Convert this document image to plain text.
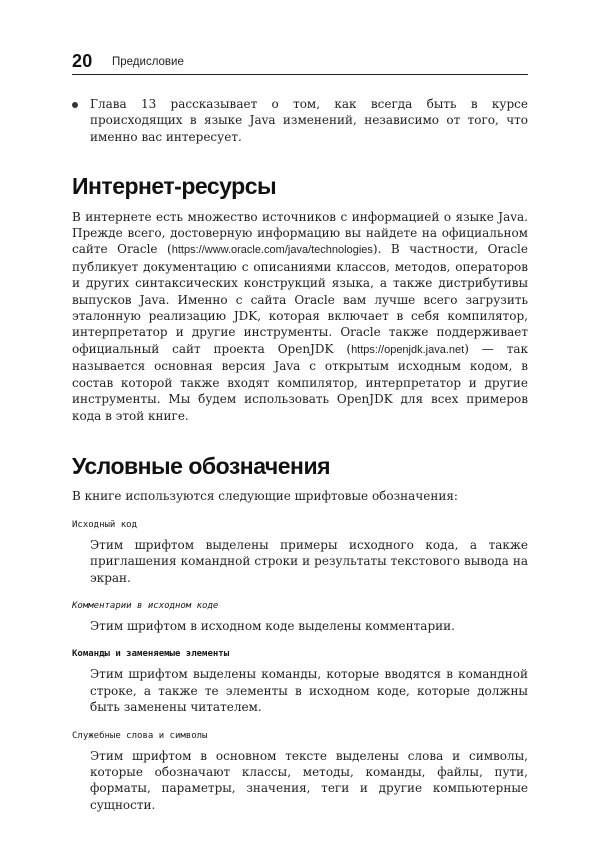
20 Предисловие
Глава 13 рассказывает о том, как всегда быть в курсе происходящих в языке Java изменений, независимо от того, что именно вас интересует.
Интернет-ресурсы

В интернете есть множество источников с информацией о языке Java. Прежде всего, достоверную информацию вы найдете на официальном сайте Oracle (https://www.oracle.com/java/technologies). В частности, Oracle публикует документацию с описаниями классов, методов, операторов и других синтаксических конструкций языка, а также дистрибутивы выпусков Java. Именно с сайта Oracle вам лучше всего загрузить эталонную реализацию JDK, которая включает в себя компилятор, интерпретатор и другие инструменты. Oracle также поддерживает официальный сайт проекта OpenJDK (https://openjdk.java.net) — так называется основная версия Java с открытым исходным кодом, в состав которой также входят компилятор, интерпретатор и другие инструменты. Мы будем использовать OpenJDK для всех примеров кода в этой книге.

Условные обозначения

В книге используются следующие шрифтовые обозначения:

Исходный код

Этим шрифтом выделены примеры исходного кода, а также приглашения командной строки и результаты текстового вывода на экран.

Комментарии в исходном коде

Этим шрифтом в исходном коде выделены комментарии.

Команды и заменяемые элементы

Этим шрифтом выделены команды, которые вводятся в командной строке, а также те элементы в исходном коде, которые должны быть заменены читателем.

Служебные слова и символы

Этим шрифтом в основном тексте выделены слова и символы, которые обозначают классы, методы, команды, файлы, пути, форматы, параметры, значения, теги и другие компьютерные сущности.
